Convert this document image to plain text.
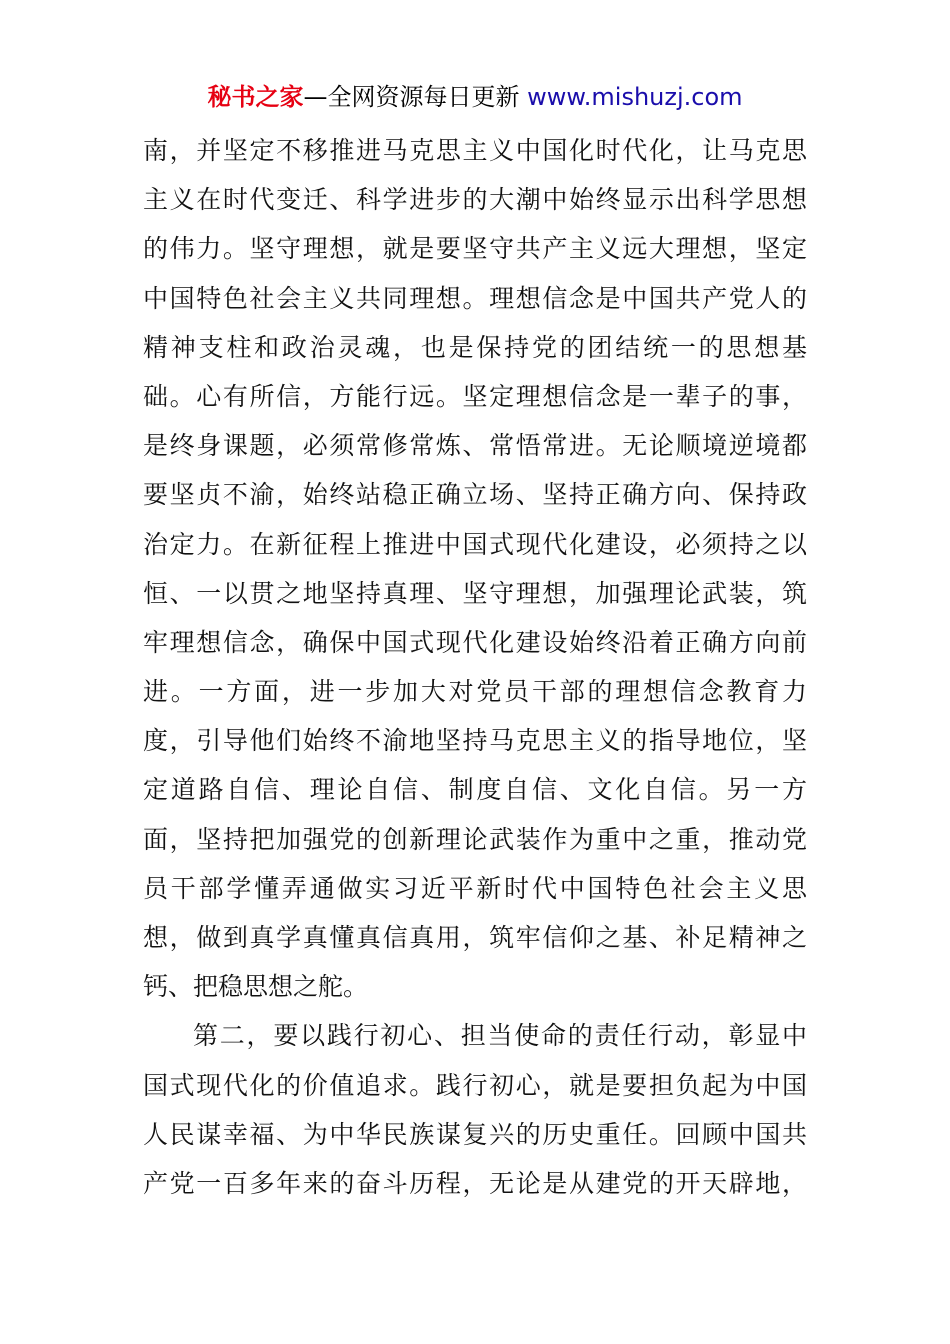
秘书之家—全网资源每日更新 www.mishuzj.com
南，并坚定不移推进马克思主义中国化时代化，让马克思
主义在时代变迁、科学进步的大潮中始终显示出科学思想
的伟力。坚守理想，就是要坚守共产主义远大理想，坚定
中国特色社会主义共同理想。理想信念是中国共产党人的
精神支柱和政治灵魂，也是保持党的团结统一的思想基
础。心有所信，方能行远。坚定理想信念是一辈子的事，
是终身课题，必须常修常炼、常悟常进。无论顺境逆境都
要坚贞不渝，始终站稳正确立场、坚持正确方向、保持政
治定力。在新征程上推进中国式现代化建设，必须持之以
恒、一以贯之地坚持真理、坚守理想，加强理论武装，筑
牢理想信念，确保中国式现代化建设始终沿着正确方向前
进。一方面，进一步加大对党员干部的理想信念教育力
度，引导他们始终不渝地坚持马克思主义的指导地位，坚
定道路自信、理论自信、制度自信、文化自信。另一方
面，坚持把加强党的创新理论武装作为重中之重，推动党
员干部学懂弄通做实习近平新时代中国特色社会主义思
想，做到真学真懂真信真用，筑牢信仰之基、补足精神之
钙、把稳思想之舵。
第二，要以践行初心、担当使命的责任行动，彰显中
国式现代化的价值追求。践行初心，就是要担负起为中国
人民谋幸福、为中华民族谋复兴的历史重任。回顾中国共
产党一百多年来的奋斗历程，无论是从建党的开天辟地，
